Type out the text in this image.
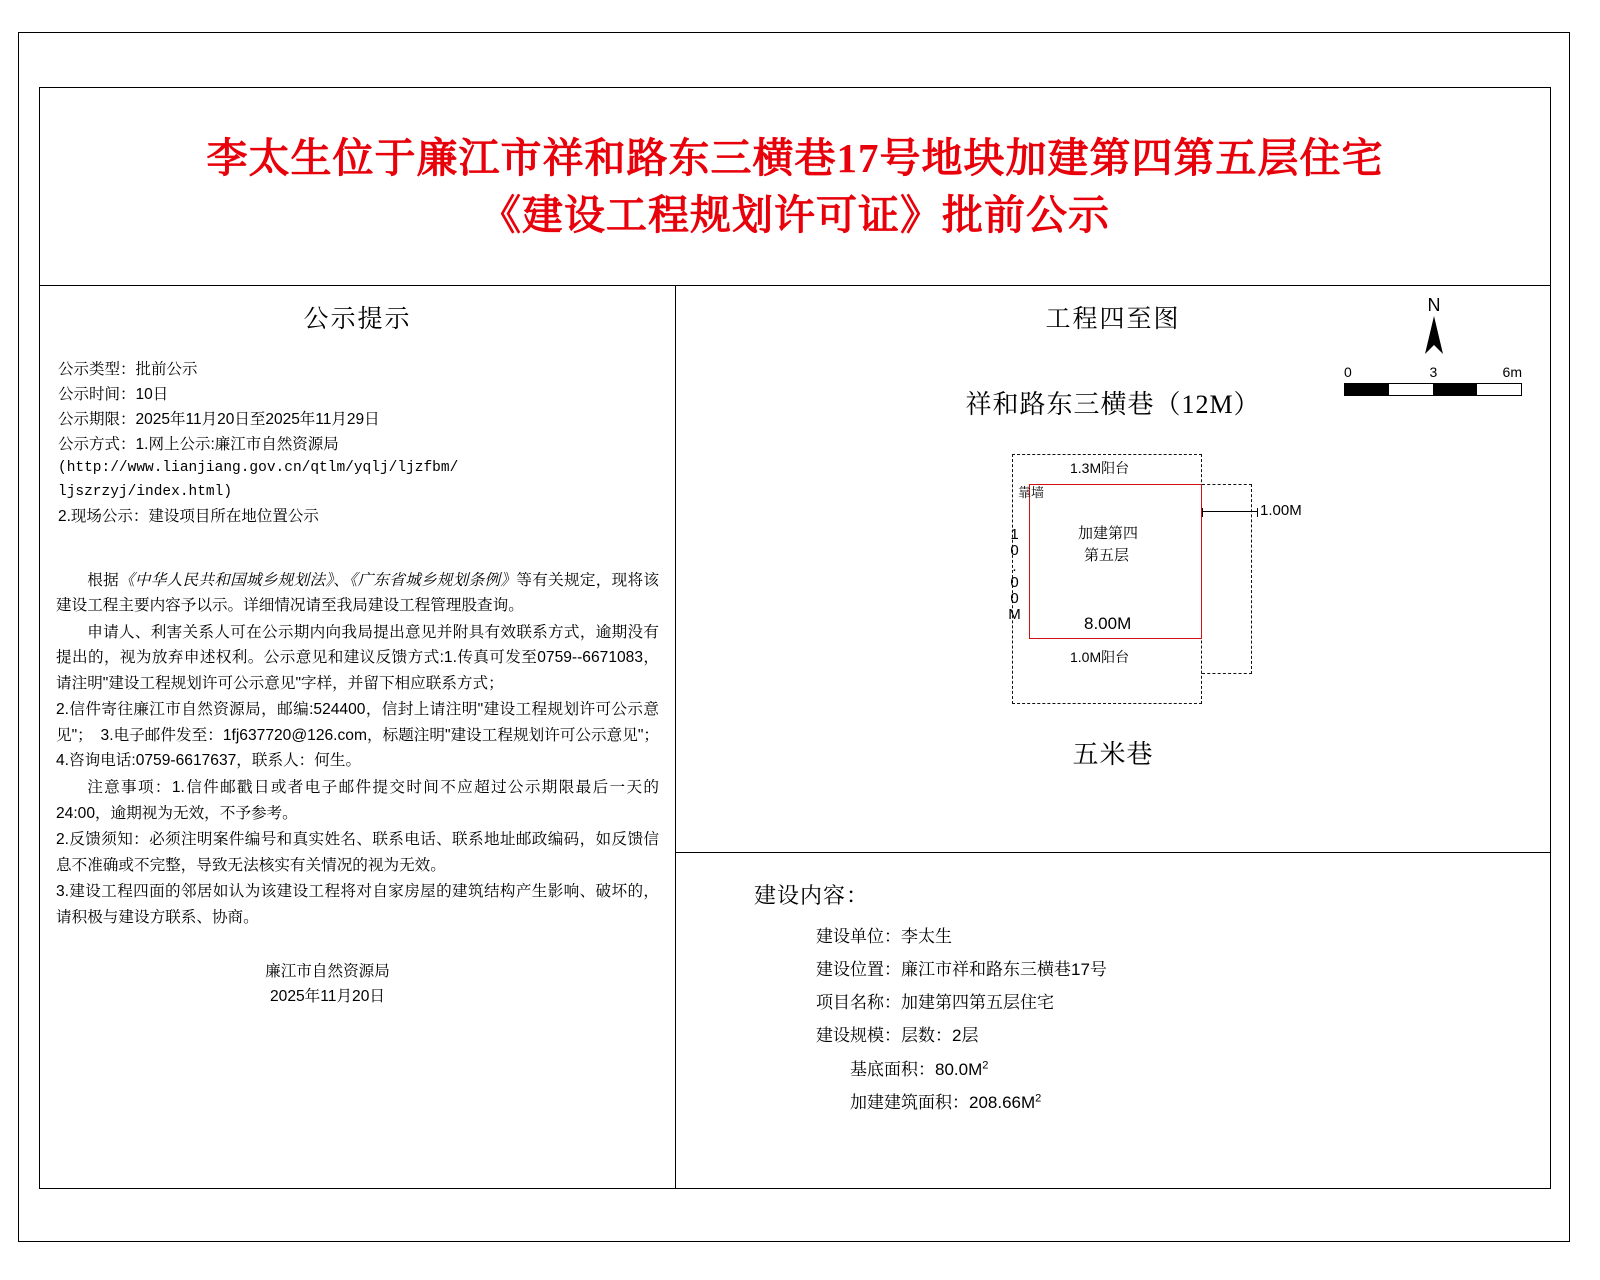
李太生位于廉江市祥和路东三横巷17号地块加建第四第五层住宅
《建设工程规划许可证》批前公示
公示提示
公示类型：批前公示
公示时间：10日
公示期限：2025年11月20日至2025年11月29日
公示方式：1.网上公示:廉江市自然资源局
(http://www.lianjiang.gov.cn/qtlm/yqlj/ljzfbm/
ljszrzyj/index.html)
2.现场公示：建设项目所在地位置公示

根据《中华人民共和国城乡规划法》、《广东省城乡规划条例》等有关规定，现将该建设工程主要内容予以示。详细情况请至我局建设工程管理股查询。

申请人、利害关系人可在公示期内向我局提出意见并附具有效联系方式，逾期没有提出的，视为放弃申述权利。公示意见和建议反馈方式:1.传真可发至0759--6671083，请注明"建设工程规划许可公示意见"字样，并留下相应联系方式；

2.信件寄往廉江市自然资源局，邮编:524400，信封上请注明"建设工程规划许可公示意见"；　3.电子邮件发至：1fj637720@126.com，标题注明"建设工程规划许可公示意见"；4.咨询电话:0759-6617637，联系人：何生。

注意事项：1.信件邮戳日或者电子邮件提交时间不应超过公示期限最后一天的24:00，逾期视为无效，不予参考。

2.反馈须知：必须注明案件编号和真实姓名、联系电话、联系地址邮政编码，如反馈信息不准确或不完整，导致无法核实有关情况的视为无效。

3.建设工程四面的邻居如认为该建设工程将对自家房屋的建筑结构产生影响、破坏的，请积极与建设方联系、协商。

廉江市自然资源局
2025年11月20日
工程四至图
N
0	3	6m
祥和路东三横巷（12M）
五米巷
1.3M阳台
靠墙
加建第四
第五层
10.00M
8.00M
1.0M阳台
1.00M
建设内容：
建设单位：李太生
建设位置：廉江市祥和路东三横巷17号
项目名称：加建第四第五层住宅
建设规模：层数：2层
基底面积：$80.0M^2$
加建建筑面积：$208.66M^2$
